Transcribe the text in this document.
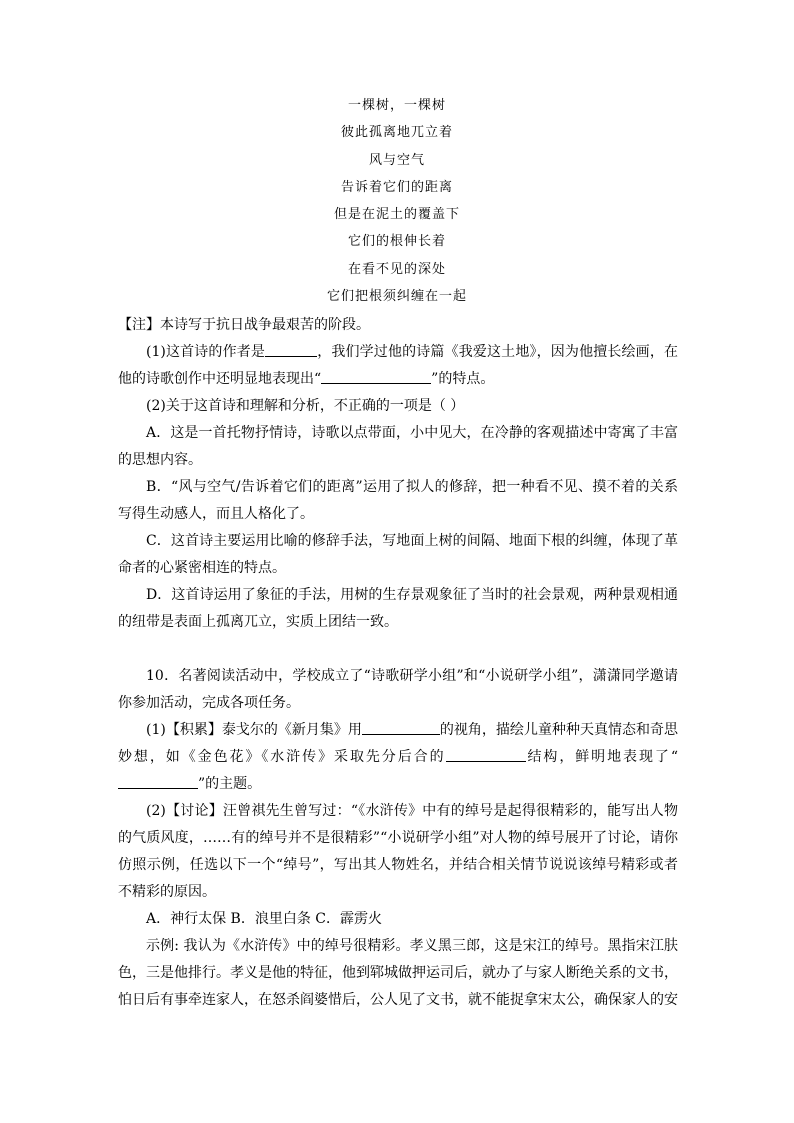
一棵树，一棵树
彼此孤离地兀立着
风与空气
告诉着它们的距离
但是在泥土的覆盖下
它们的根伸长着
在看不见的深处
它们把根须纠缠在一起

【注】本诗写于抗日战争最艰苦的阶段。

(1)这首诗的作者是	，我们学过他的诗篇《我爱这土地》，因为他擅长绘画，在他的诗歌创作中还明显地表现出“	”的特点。

(2)关于这首诗和理解和分析，不正确的一项是（ ）

A．这是一首托物抒情诗，诗歌以点带面，小中见大，在冷静的客观描述中寄寓了丰富的思想内容。

B．“风与空气/告诉着它们的距离”运用了拟人的修辞，把一种看不见、摸不着的关系写得生动感人，而且人格化了。

C．这首诗主要运用比喻的修辞手法，写地面上树的间隔、地面下根的纠缠，体现了革命者的心紧密相连的特点。

D．这首诗运用了象征的手法，用树的生存景观象征了当时的社会景观，两种景观相通的纽带是表面上孤离兀立，实质上团结一致。

10．名著阅读活动中，学校成立了“诗歌研学小组”和“小说研学小组”，潇潇同学邀请你参加活动，完成各项任务。

(1)【积累】泰戈尔的《新月集》用	的视角，描绘儿童种种天真情态和奇思妙想，如《金色花》《水浒传》采取先分后合的	结构，鲜明地表现了“”的主题。

(2)【讨论】汪曾祺先生曾写过：“《水浒传》中有的绰号是起得很精彩的，能写出人物的气质风度，……有的绰号并不是很精彩”“小说研学小组”对人物的绰号展开了讨论，请你仿照示例，任选以下一个“绰号”，写出其人物姓名，并结合相关情节说说该绰号精彩或者不精彩的原因。

A．神行太保 B．浪里白条 C．霹雳火

示例: 我认为《水浒传》中的绰号很精彩。孝义黑三郎，这是宋江的绰号。黑指宋江肤色，三是他排行。孝义是他的特征，他到郓城做押运司后，就办了与家人断绝关系的文书，怕日后有事牵连家人，在怒杀阎婆惜后，公人见了文书，就不能捉拿宋太公，确保家人的安
